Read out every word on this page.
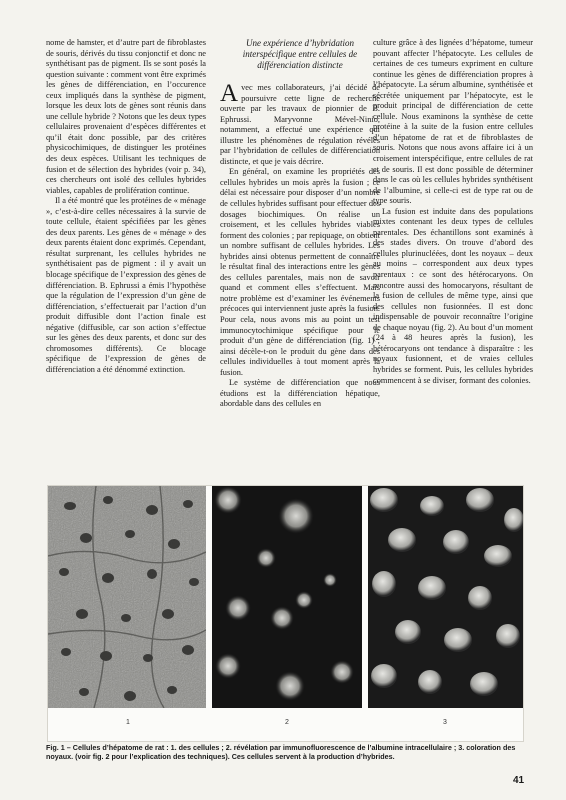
nome de hamster, et d’autre part de fibroblastes de souris, dérivés du tissu conjonctif et donc ne synthétisant pas de pigment. Ils se sont posés la question suivante : comment vont être exprimés les gènes de différenciation, en l’occurence ceux impliqués dans la synthèse de pigment, lorsque les deux lots de gènes sont réunis dans une cellule hybride ? Notons que les deux types cellulaires provenaient d’espèces différentes et qu’il était donc possible, par des critères physicochimiques, de distinguer les protéines des deux espèces. Utilisant les techniques de fusion et de sélection des hybrides (voir p. 34), ces chercheurs ont isolé des cellules hybrides viables, capables de prolifération continue.

Il a été montré que les protéines de « ménage », c’est-à-dire celles nécessaires à la survie de toute cellule, étaient spécifiées par les gènes des deux parents. Les gènes de « ménage » des deux parents étaient donc exprimés. Cependant, résultat surprenant, les cellules hybrides ne synthétisaient pas de pigment : il y avait un blocage spécifique de l’expression des gènes de différenciation. B. Ephrussi a émis l’hypothèse que la régulation de l’expression d’un gène de différenciation, s’effectuerait par l’action d’un produit diffusible dont l’action finale est négative (diffusible, car son action s’effectue sur les gènes des deux parents, et donc sur des chromosomes différents). Ce blocage spécifique de l’expression de gènes de différenciation a été dénommé extinction.

Une expérience d’hybridation interspécifique entre cellules de différenciation distincte

Avec mes collaborateurs, j’ai décidé de poursuivre cette ligne de recherche ouverte par les travaux de pionnier de B. Ephrussi. Maryvonne Mével-Ninio, notamment, a effectué une expérience qui illustre les phénomènes de régulation révélés par l’hybridation de cellules de différenciation distincte, et que je vais décrire.

En général, on examine les propriétés des cellules hybrides un mois après la fusion ; ce délai est nécessaire pour disposer d’un nombre de cellules hybrides suffisant pour effectuer des dosages biochimiques. On réalise un croisement, et les cellules hybrides viables forment des colonies ; par repiquage, on obtient un nombre suffisant de cellules hybrides. Les hybrides ainsi obtenus permettent de connaître le résultat final des interactions entre les gènes des cellules parentales, mais non de savoir quand et comment elles s’effectuent. Mais notre problème est d’examiner les événements précoces qui interviennent juste après la fusion. Pour cela, nous avons mis au point un test immunocytochimique spécifique pour le produit d’un gène de différenciation (fig. 1) ; ainsi décèle-t-on le produit du gène dans des cellules individuelles à tout moment après la fusion.

Le système de différenciation que nous étudions est la différenciation hépatique, abordable dans des cellules en

culture grâce à des lignées d’hépatome, tumeur pouvant affecter l’hépatocyte. Les cellules de certaines de ces tumeurs expriment en culture continue les gènes de différenciation propres à l’hépatocyte. La sérum albumine, synthétisée et sécrétée uniquement par l’hépatocyte, est le produit principal de différenciation de cette cellule. Nous examinons la synthèse de cette protéine à la suite de la fusion entre cellules d’un hépatome de rat et de fibroblastes de souris. Notons que nous avons affaire ici à un croisement interspécifique, entre cellules de rat et de souris. Il est donc possible de déterminer dans le cas où les cellules hybrides synthétisent de l’albumine, si celle-ci est de type rat ou de type souris.

La fusion est induite dans des populations mixtes contenant les deux types de cellules parentales. Des échantillons sont examinés à des stades divers. On trouve d’abord des cellules plurinucléées, dont les noyaux – deux au moins – correspondent aux deux types parentaux : ce sont des hétérocaryons. On rencontre aussi des homocaryons, résultant de la fusion de cellules de même type, ainsi que des cellules non fusionnées. Il est donc indispensable de pouvoir reconnaître l’origine de chaque noyau (fig. 2). Au bout d’un moment (24 à 48 heures après la fusion), les hétérocaryons ont tendance à disparaître : les noyaux fusionnent, et de vraies cellules hybrides se forment. Puis, les cellules hybrides commencent à se diviser, formant des colonies.

1	2	3
Fig. 1 – Cellules d’hépatome de rat : 1. des cellules ; 2. révélation par immunofluorescence de l’albumine intracellulaire ; 3. coloration des noyaux. (voir fig. 2 pour l’explication des techniques). Ces cellules servent à la production d’hybrides.
41
